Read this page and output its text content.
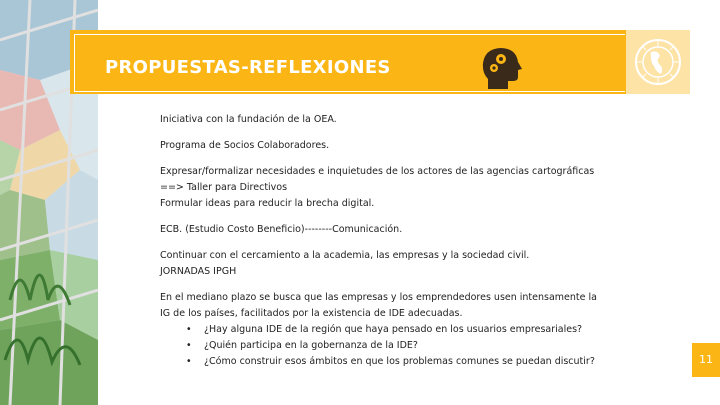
PROPUESTAS-REFLEXIONES

Iniciativa con la fundación de la OEA.

Programa de Socios Colaboradores.

Expresar/formalizar necesidades e inquietudes de los actores de las agencias cartográficas
==> Taller para Directivos
Formular ideas para reducir la brecha digital.

ECB. (Estudio Costo Beneficio)--------Comunicación.

Continuar con el cercamiento a la academia, las empresas y la sociedad civil.
JORNADAS IPGH

En el mediano plazo se busca que las empresas y los emprendedores usen intensamente la
IG de los países, facilitados por la existencia de IDE adecuadas.

• ¿Hay alguna IDE de la región que haya pensado en los usuarios empresariales?
• ¿Quién participa en la gobernanza de la IDE?
• ¿Cómo construir esos ámbitos en que los problemas comunes se puedan discutir?	11
